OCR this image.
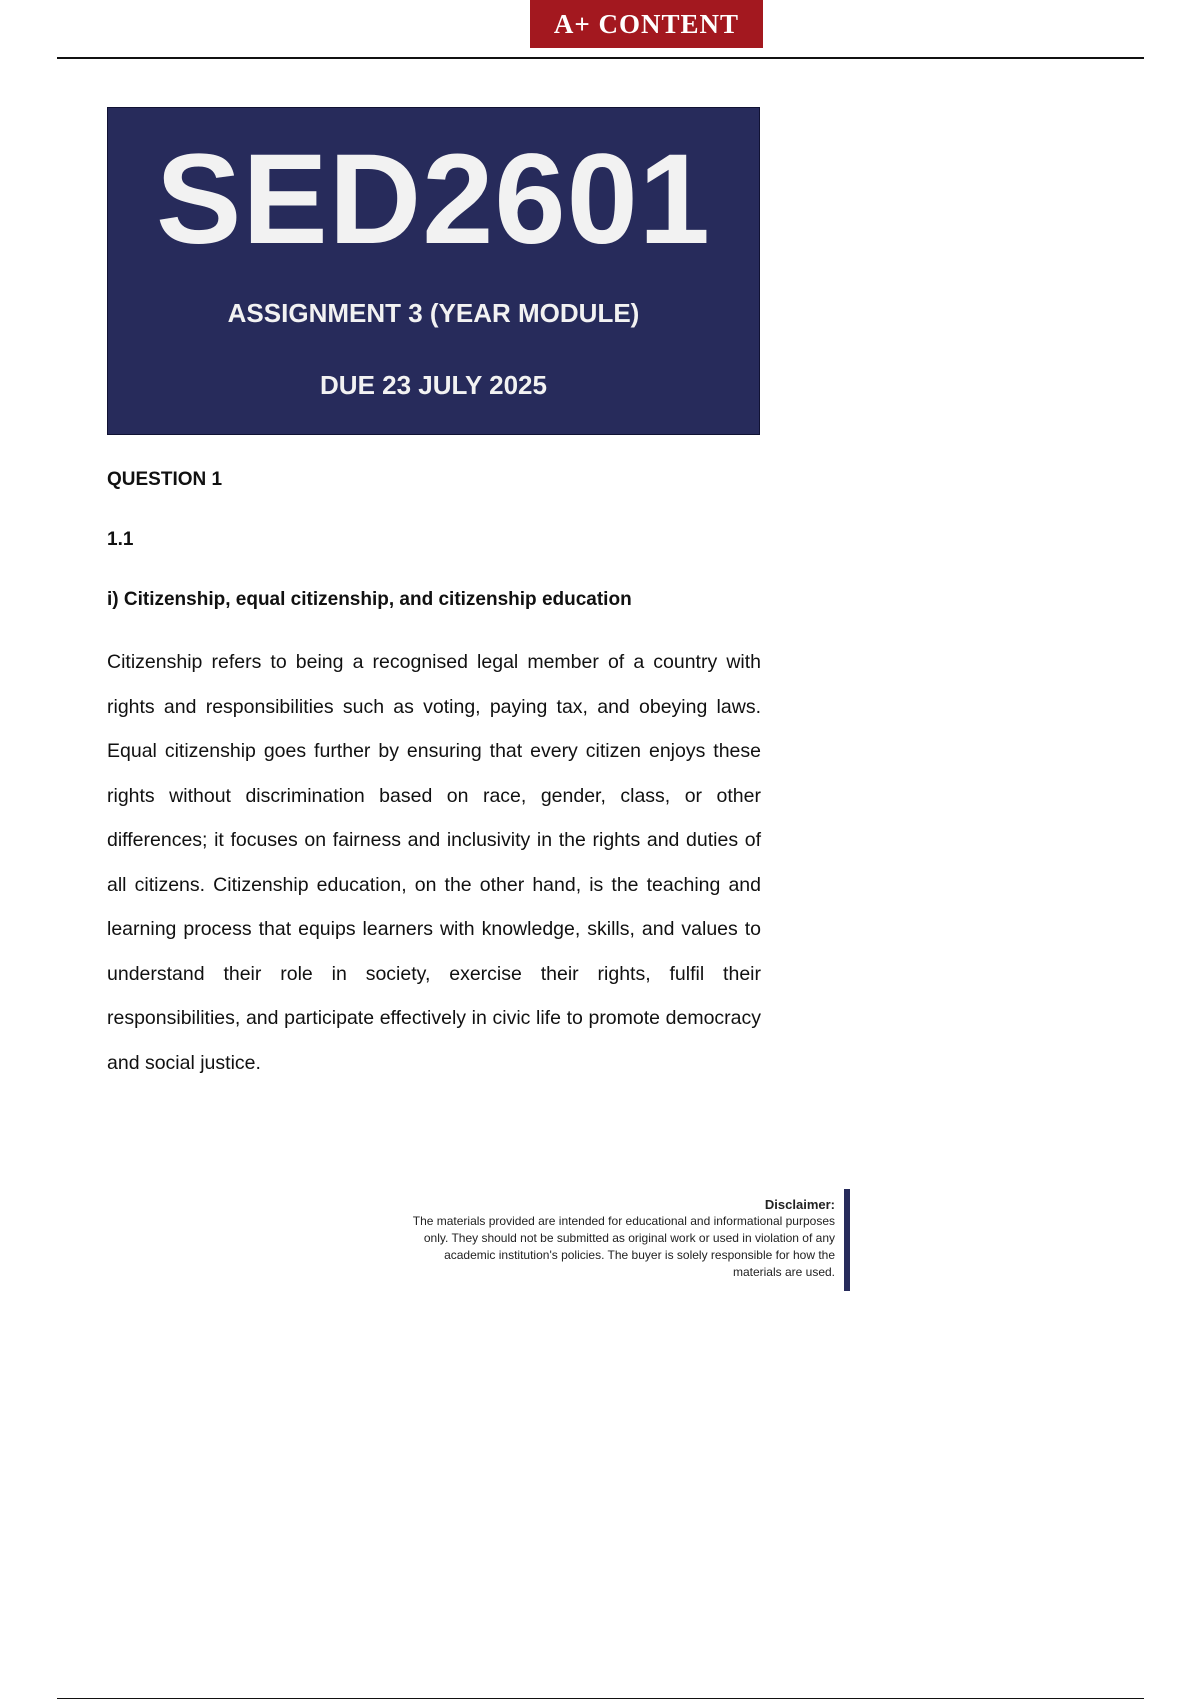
A+ CONTENT
SED2601
ASSIGNMENT 3 (YEAR MODULE)
DUE 23 JULY 2025

QUESTION 1

1.1

i) Citizenship, equal citizenship, and citizenship education

Citizenship refers to being a recognised legal member of a country with rights and responsibilities such as voting, paying tax, and obeying laws. Equal citizenship goes further by ensuring that every citizen enjoys these rights without discrimination based on race, gender, class, or other differences; it focuses on fairness and inclusivity in the rights and duties of all citizens. Citizenship education, on the other hand, is the teaching and learning process that equips learners with knowledge, skills, and values to understand their role in society, exercise their rights, fulfil their responsibilities, and participate effectively in civic life to promote democracy and social justice.

Disclaimer:
The materials provided are intended for educational and informational purposes only. They should not be submitted as original work or used in violation of any academic institution's policies. The buyer is solely responsible for how the materials are used.
